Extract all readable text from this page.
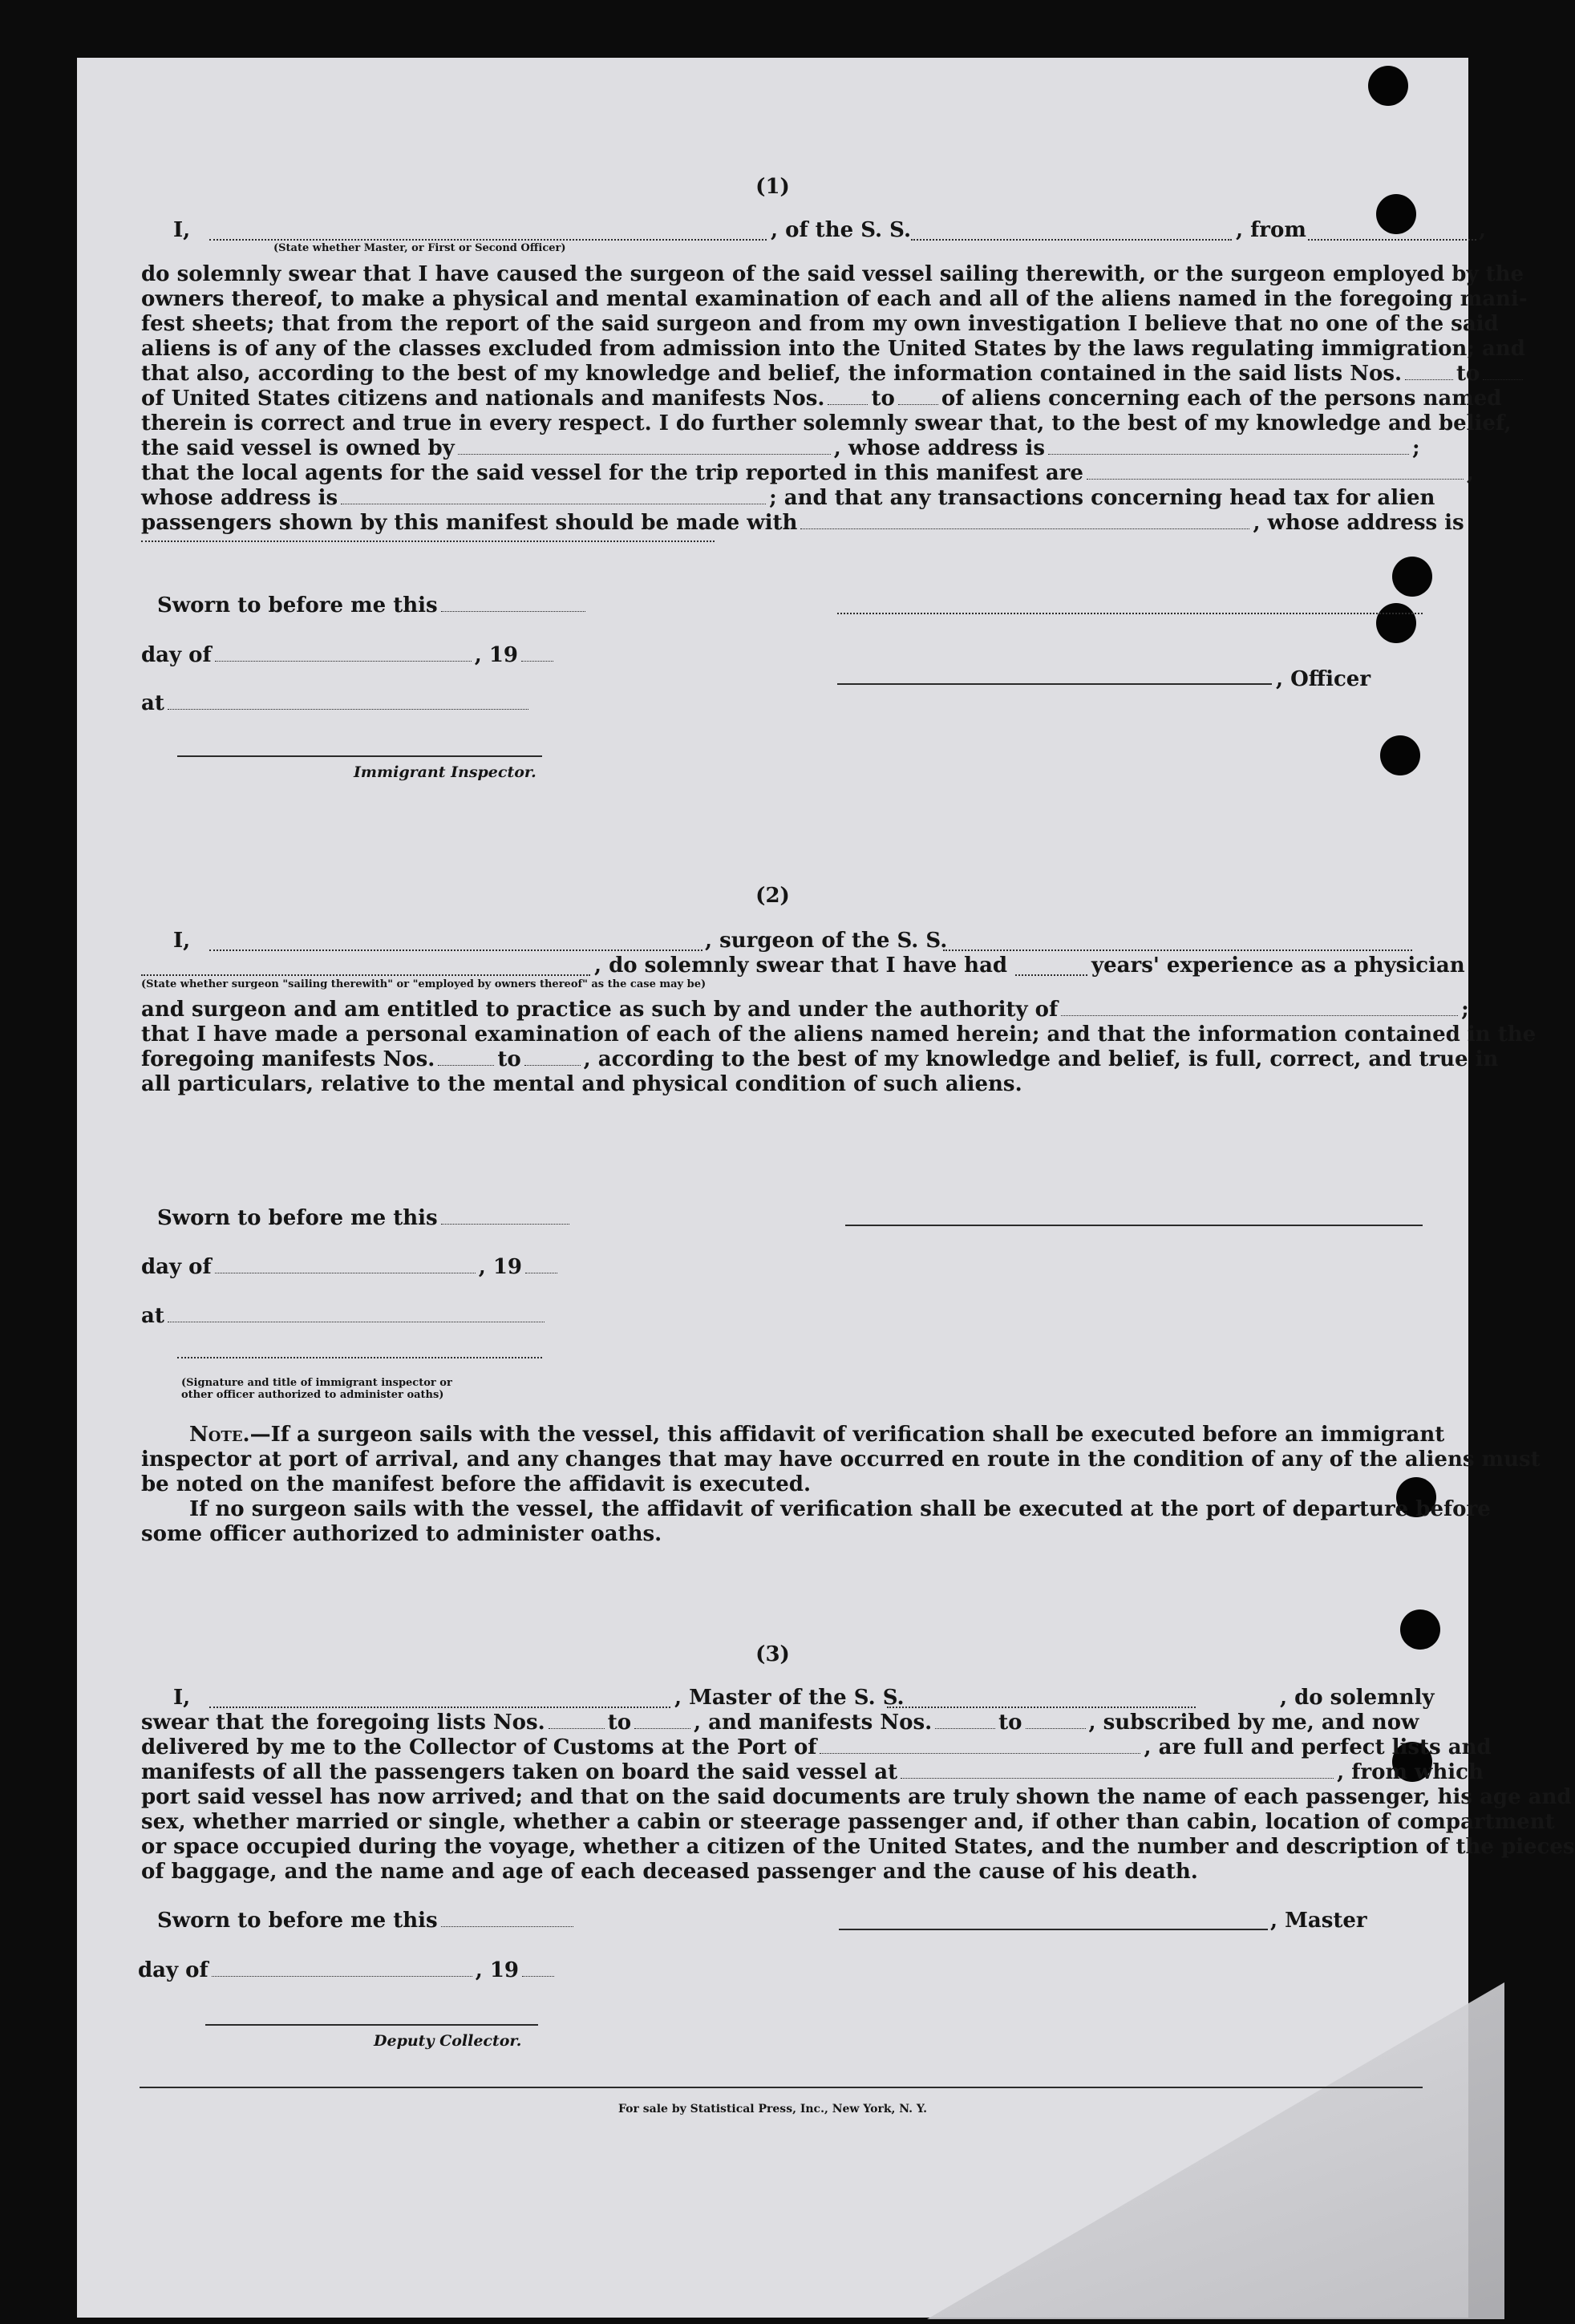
(1)
I,	, of the S. S.	, from	,
(State whether Master, or First or Second Officer)
do solemnly swear that I have caused the surgeon of the said vessel sailing therewith, or the surgeon employed by the
owners thereof, to make a physical and mental examination of each and all of the aliens named in the foregoing mani-
fest sheets; that from the report of the said surgeon and from my own investigation I believe that no one of the said
aliens is of any of the classes excluded from admission into the United States by the laws regulating immigration; and
that also, according to the best of my knowledge and belief, the information contained in the said lists Nos.	to
of United States citizens and nationals and manifests Nos. to of aliens concerning each of the persons named
therein is correct and true in every respect. I do further solemnly swear that, to the best of my knowledge and belief,
the said vessel is owned by	, whose address is	;
that the local agents for the said vessel for the trip reported in this manifest are	,
whose address is	; and that any transactions concerning head tax for alien
passengers shown by this manifest should be made with	, whose address is
Sworn to before me this
day of	, 19
, Officer
at
Immigrant Inspector.
(2)
I,	, surgeon of the S. S.
, do solemnly swear that I have had	years' experience as a physician
(State whether surgeon "sailing therewith" or "employed by owners thereof" as the case may be)
and surgeon and am entitled to practice as such by and under the authority of	;
that I have made a personal examination of each of the aliens named herein; and that the information contained in the
foregoing manifests Nos.	to	, according to the best of my knowledge and belief, is full, correct, and true in
all particulars, relative to the mental and physical condition of such aliens.
Sworn to before me this
day of	, 19
at
(Signature and title of immigrant inspector or
other officer authorized to administer oaths)
Note.—If a surgeon sails with the vessel, this affidavit of verification shall be executed before an immigrant
inspector at port of arrival, and any changes that may have occurred en route in the condition of any of the aliens must
be noted on the manifest before the affidavit is executed.
If no surgeon sails with the vessel, the affidavit of verification shall be executed at the port of departure before
some officer authorized to administer oaths.
(3)
I,	, Master of the S. S.	, do solemnly
swear that the foregoing lists Nos.	to	, and manifests Nos.	to	, subscribed by me, and now
delivered by me to the Collector of Customs at the Port of	, are full and perfect lists and
manifests of all the passengers taken on board the said vessel at	, from which
port said vessel has now arrived; and that on the said documents are truly shown the name of each passenger, his age and
sex, whether married or single, whether a cabin or steerage passenger and, if other than cabin, location of compartment
or space occupied during the voyage, whether a citizen of the United States, and the number and description of the pieces
of baggage, and the name and age of each deceased passenger and the cause of his death.
Sworn to before me this	, Master
day of	, 19
Deputy Collector.
For sale by Statistical Press, Inc., New York, N. Y.
